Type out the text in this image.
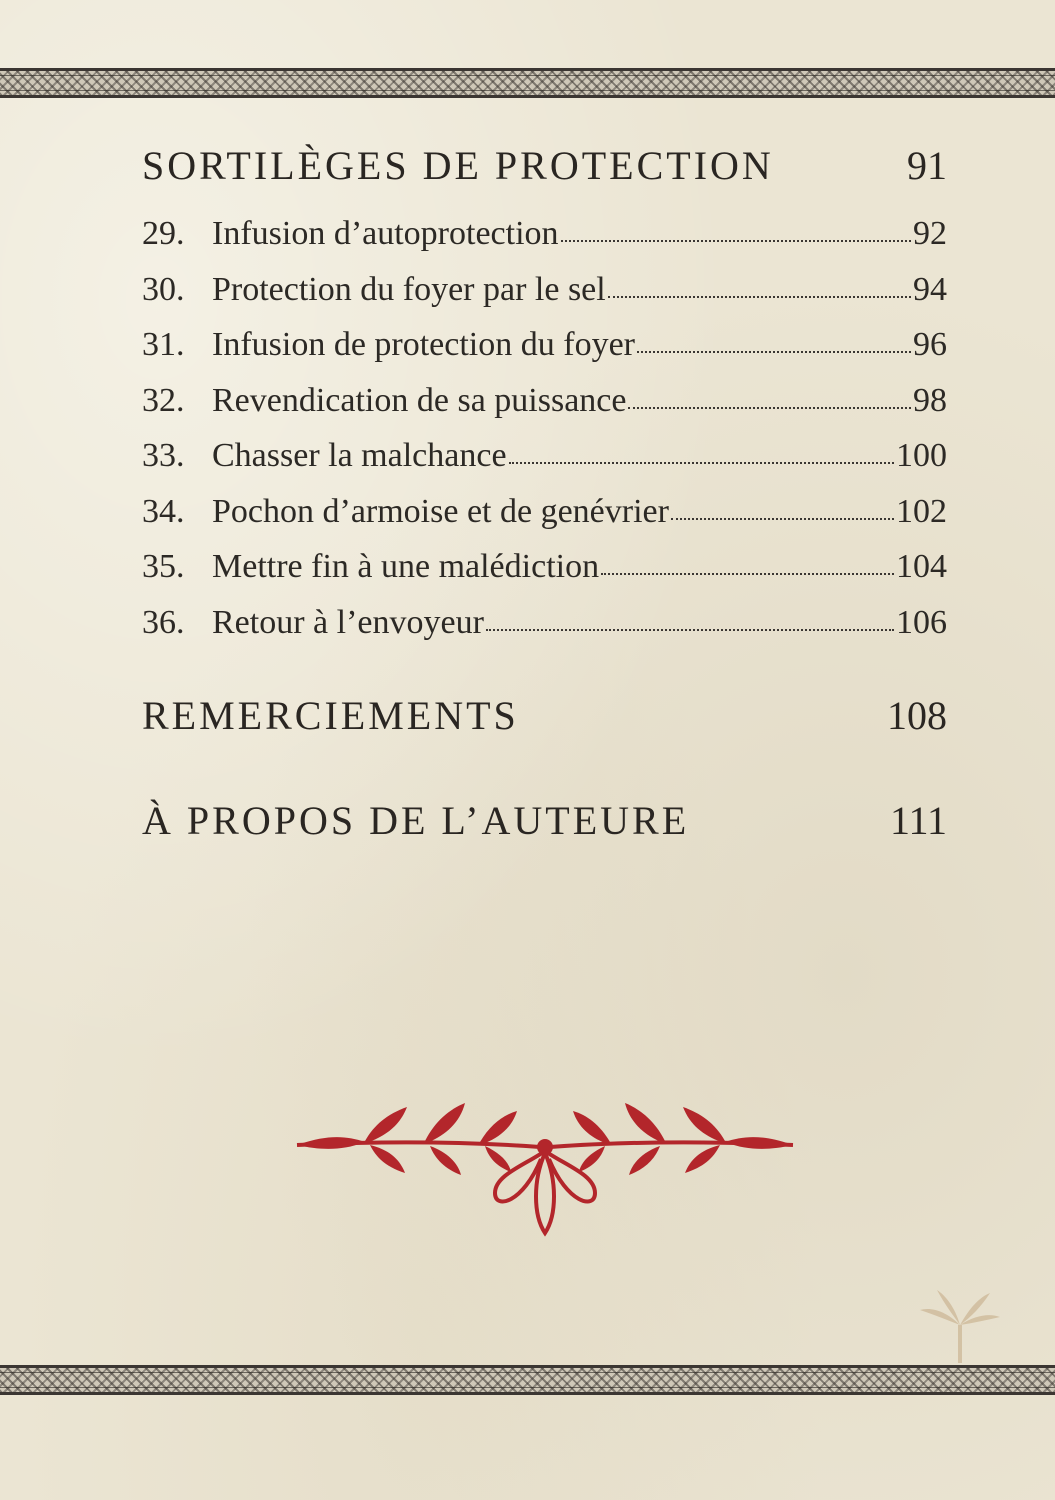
SORTILÈGES DE PROTECTION	91
29. Infusion d’autoprotection	92
30. Protection du foyer par le sel	94
31. Infusion de protection du foyer	96
32. Revendication de sa puissance	98
33. Chasser la malchance	100
34. Pochon d’armoise et de genévrier	102
35. Mettre fin à une malédiction	104
36. Retour à l’envoyeur	106
REMERCIEMENTS	108
À PROPOS DE L’AUTEURE	111
